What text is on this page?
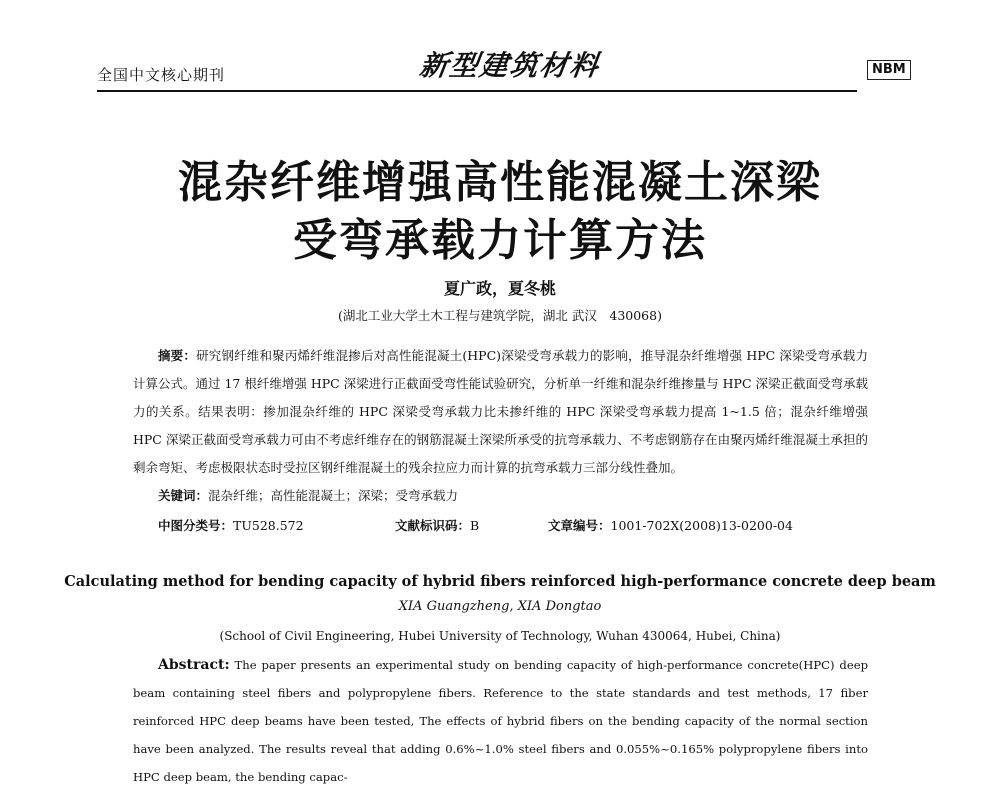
全国中文核心期刊	新型建筑材料	NBM
混杂纤维增强高性能混凝土深梁
受弯承载力计算方法
夏广政，夏冬桃
(湖北工业大学土木工程与建筑学院，湖北 武汉　430068)
摘要：研究钢纤维和聚丙烯纤维混掺后对高性能混凝土(HPC)深梁受弯承载力的影响，推导混杂纤维增强 HPC 深梁受弯承载力计算公式。通过 17 根纤维增强 HPC 深梁进行正截面受弯性能试验研究，分析单一纤维和混杂纤维掺量与 HPC 深梁正截面受弯承载力的关系。结果表明：掺加混杂纤维的 HPC 深梁受弯承载力比未掺纤维的 HPC 深梁受弯承载力提高 1~1.5 倍；混杂纤维增强 HPC 深梁正截面受弯承载力可由不考虑纤维存在的钢筋混凝土深梁所承受的抗弯承载力、不考虑钢筋存在由聚丙烯纤维混凝土承担的剩余弯矩、考虑极限状态时受拉区钢纤维混凝土的残余拉应力而计算的抗弯承载力三部分线性叠加。
关键词：混杂纤维；高性能混凝土；深梁；受弯承载力
中图分类号：TU528.572	文献标识码：B	文章编号：1001-702X(2008)13-0200-04
Calculating method for bending capacity of hybrid fibers reinforced high-performance concrete deep beam
XIA Guangzheng, XIA Dongtao
(School of Civil Engineering, Hubei University of Technology, Wuhan 430064, Hubei, China)
Abstract: The paper presents an experimental study on bending capacity of high-performance concrete(HPC) deep beam containing steel fibers and polypropylene fibers. Reference to the state standards and test methods, 17 fiber reinforced HPC deep beams have been tested, The effects of hybrid fibers on the bending capacity of the normal section have been analyzed. The results reveal that adding 0.6%~1.0% steel fibers and 0.055%~0.165% polypropylene fibers into HPC deep beam, the bending capac-
